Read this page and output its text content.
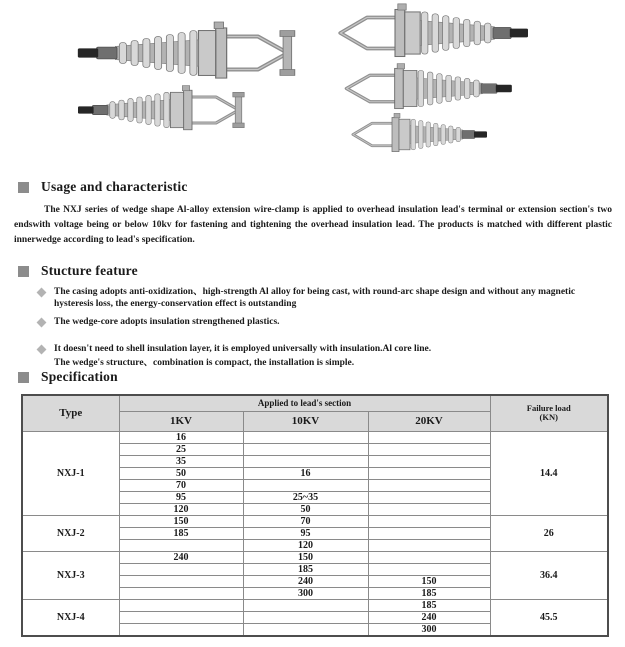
Usage and characteristic
The NXJ series of wedge shape Al-alloy extension wire-clamp is applied to overhead insulation lead's terminal or extension section's two endswith voltage being or below 10kv for fastening and tightening the overhead insulation lead. The products is matched with different plastic innerwedge according to lead's specification.
Stucture feature
The casing adopts anti-oxidization、high-strength Al alloy for being cast, with round-arc shape design and without any magnetic hysteresis loss, the energy-conservation effect is outstanding
The wedge-core adopts insulation strengthened plastics.
It doesn't need to shell insulation layer, it is employed universally with insulation.Al core line.
The wedge's structure、combination is compact, the installation is simple.
Specification
Type	Applied to lead's section			Failure load
(KN)

	1KV	10KV	20KV	
NXJ-1	16			14.4
	25			
	35			
	50	16		
	70			
	95	25~35		
	120	50		
NXJ-2	150	70		26
	185	95		
		120		
NXJ-3	240	150		36.4
		185		
		240	150	
		300	185	
NXJ-4			185	45.5
			240	
			300	
